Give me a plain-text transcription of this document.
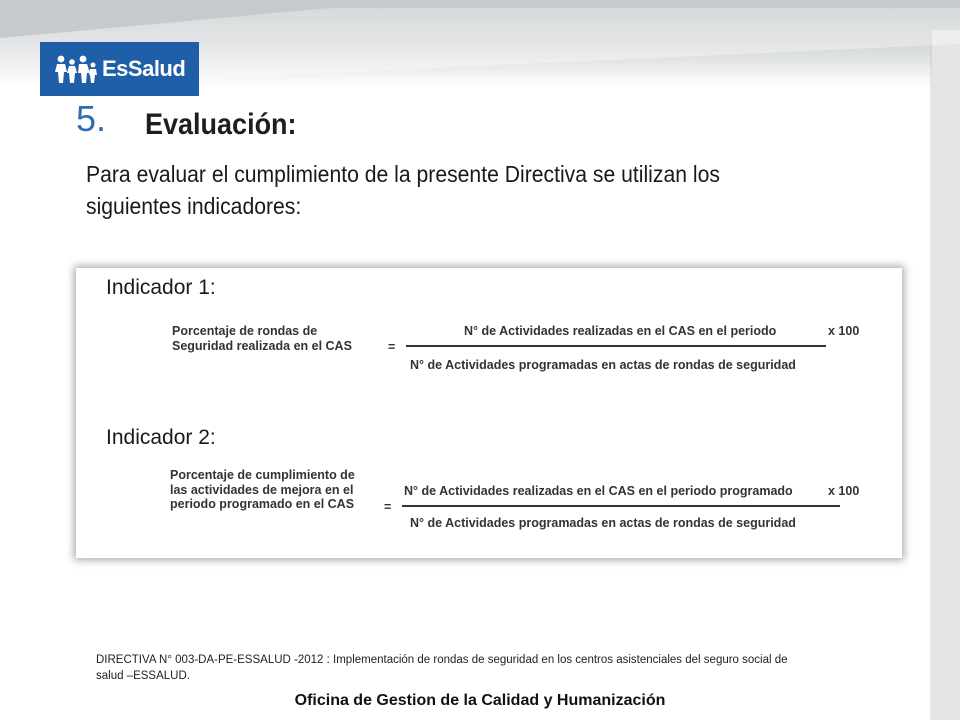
EsSalud
5. Evaluación:
Para evaluar el cumplimiento de la presente Directiva se utilizan los siguientes indicadores:
Indicador 1:
Porcentaje de rondas de Seguridad realizada en el CAS	=
N° de Actividades realizadas en el CAS en el periodo	x 100
N° de Actividades programadas en actas de rondas de seguridad
Indicador 2:
Porcentaje de cumplimiento de las actividades de mejora en el periodo programado en el CAS	=
N° de Actividades realizadas en el CAS en el periodo programado	x 100
N° de Actividades programadas en actas de rondas de seguridad
DIRECTIVA N° 003-DA-PE-ESSALUD -2012 : Implementación de rondas de seguridad en los centros asistenciales del seguro social de salud –ESSALUD.
Oficina de Gestion de la Calidad y Humanización
